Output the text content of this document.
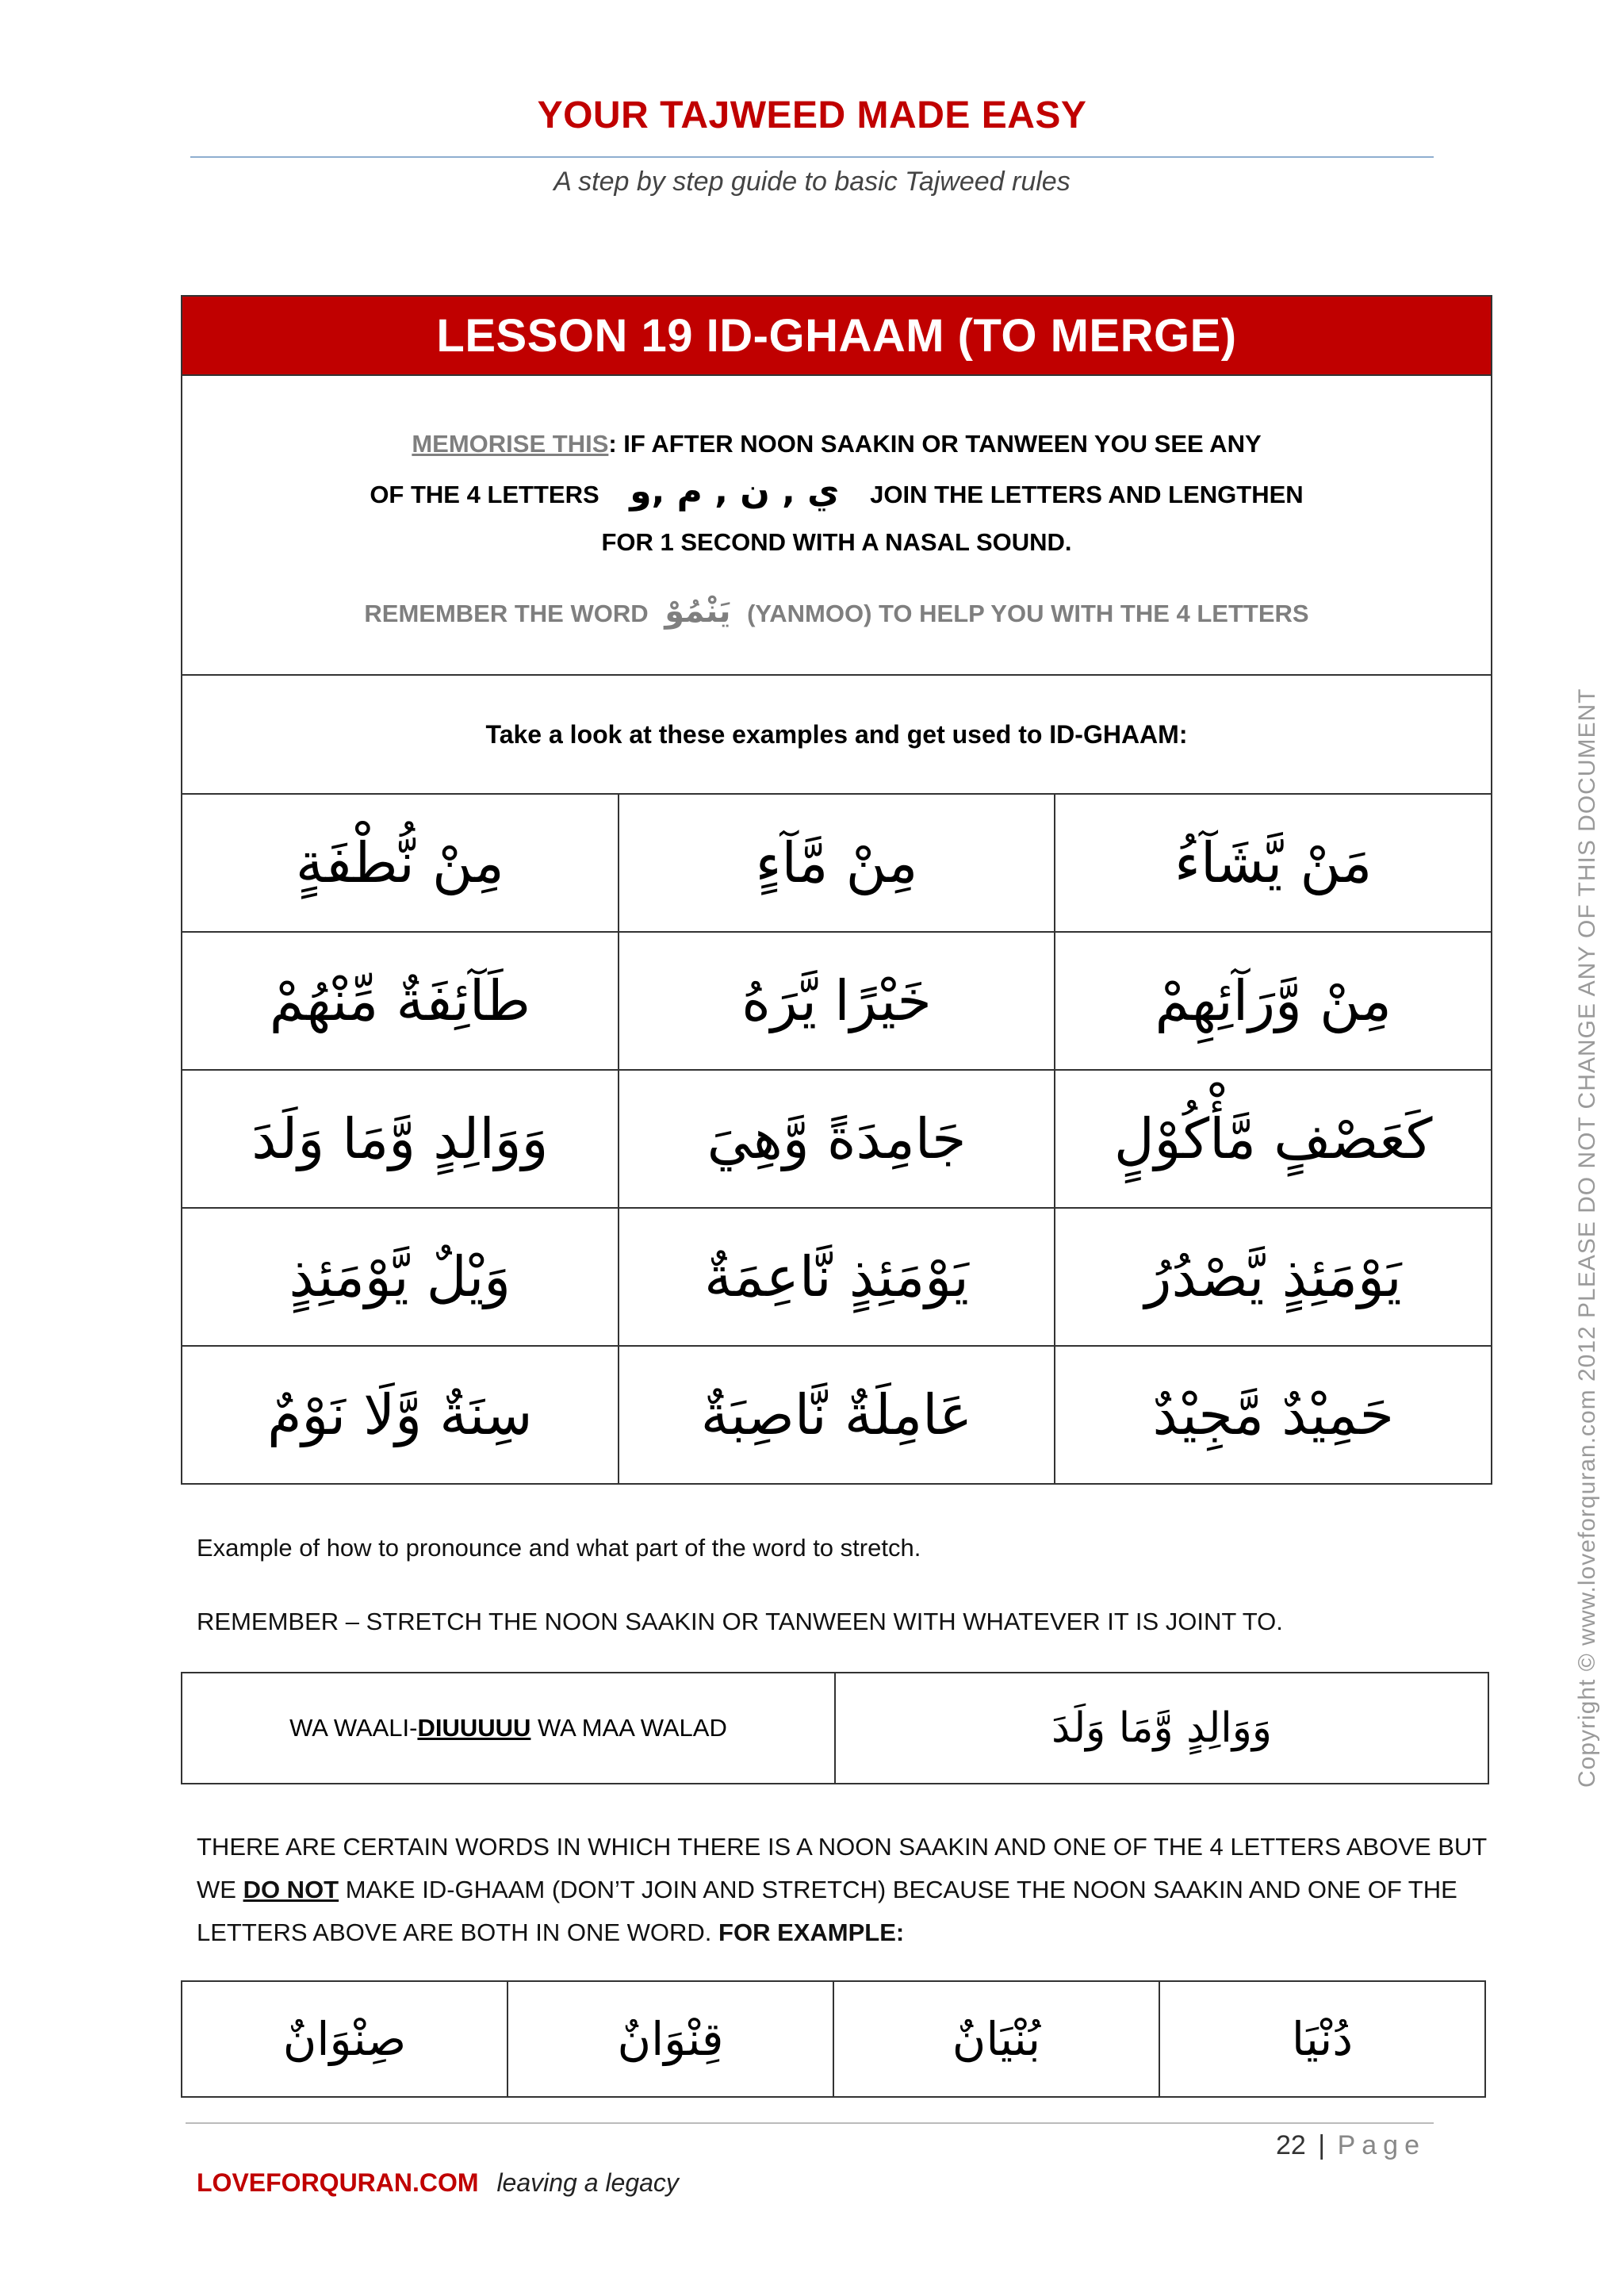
YOUR TAJWEED MADE EASY
A step by step guide to basic Tajweed rules
LESSON 19 ID-GHAAM (TO MERGE)		

MEMORISE THIS: IF AFTER NOON SAAKIN OR TANWEEN YOU SEE ANY
OF THE 4 LETTERS ي , ن , م ,و JOIN THE LETTERS AND LENGTHEN
FOR 1 SECOND WITH A NASAL SOUND.
REMEMBER THE WORD يَنْمُوْ (YANMOO) TO HELP YOU WITH THE 4 LETTERS		

Take a look at these examples and get used to ID-GHAAM:		
مِنْ نُّطْفَةٍ	مِنْ مَّآءٍ	مَنْ يَّشَآءُ
طَآئِفَةٌ مِّنْهُمْ	خَيْرًا يَّرَهُ	مِنْ وَّرَآئِهِمْ
وَوَالِدٍ وَّمَا وَلَدَ	جَامِدَةً وَّهِيَ	كَعَصْفٍ مَّأْكُوْلٍ
وَيْلٌ يَّوْمَئِذٍ	يَوْمَئِذٍ نَّاعِمَةٌ	يَوْمَئِذٍ يَّصْدُرُ
سِنَةٌ وَّلَا نَوْمٌ	عَامِلَةٌ نَّاصِبَةٌ	حَمِيْدٌ مَّجِيْدٌ
Example of how to pronounce and what part of the word to stretch.
REMEMBER – STRETCH THE NOON SAAKIN OR TANWEEN WITH WHATEVER IT IS JOINT TO.
WA WAALI-DIUUUUU WA MAA WALAD	وَوَالِدٍ وَّمَا وَلَدَ
THERE ARE CERTAIN WORDS IN WHICH THERE IS A NOON SAAKIN AND ONE OF THE 4 LETTERS ABOVE BUT WE DO NOT MAKE ID-GHAAM (DON’T JOIN AND STRETCH) BECAUSE THE NOON SAAKIN AND ONE OF THE LETTERS ABOVE ARE BOTH IN ONE WORD. FOR EXAMPLE:
صِنْوَانٌ	قِنْوَانٌ	بُنْيَانٌ	دُنْيَا
22 | Page
LOVEFORQURAN.COM leaving a legacy
Copyright © www.loveforquran.com 2012 PLEASE DO NOT CHANGE ANY OF THIS DOCUMENT
